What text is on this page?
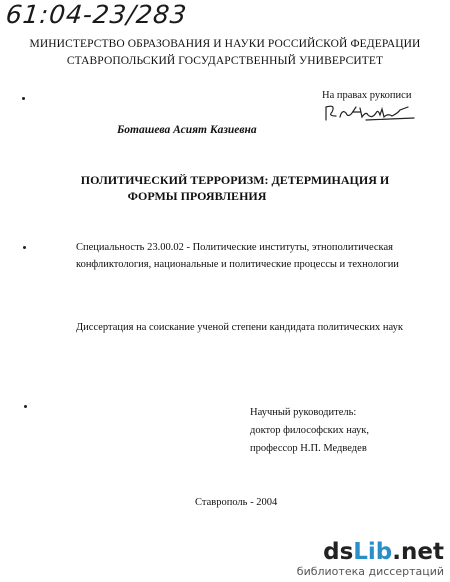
61:04-23/283
МИНИСТЕРСТВО ОБРАЗОВАНИЯ И НАУКИ РОССИЙСКОЙ ФЕДЕРАЦИИ
СТАВРОПОЛЬСКИЙ ГОСУДАРСТВЕННЫЙ УНИВЕРСИТЕТ
На правах рукописи
Боташева Асият Казиевна
ПОЛИТИЧЕСКИЙ ТЕРРОРИЗМ: ДЕТЕРМИНАЦИЯ И
ФОРМЫ ПРОЯВЛЕНИЯ
Специальность 23.00.02 - Политические институты, этнополитическая
конфликтология, национальные и политические процессы и технологии
Диссертация на соискание ученой степени кандидата политических наук
Научный руководитель:
доктор философских наук,
профессор Н.П. Медведев
Ставрополь - 2004
dsLib.net
библиотека диссертаций
